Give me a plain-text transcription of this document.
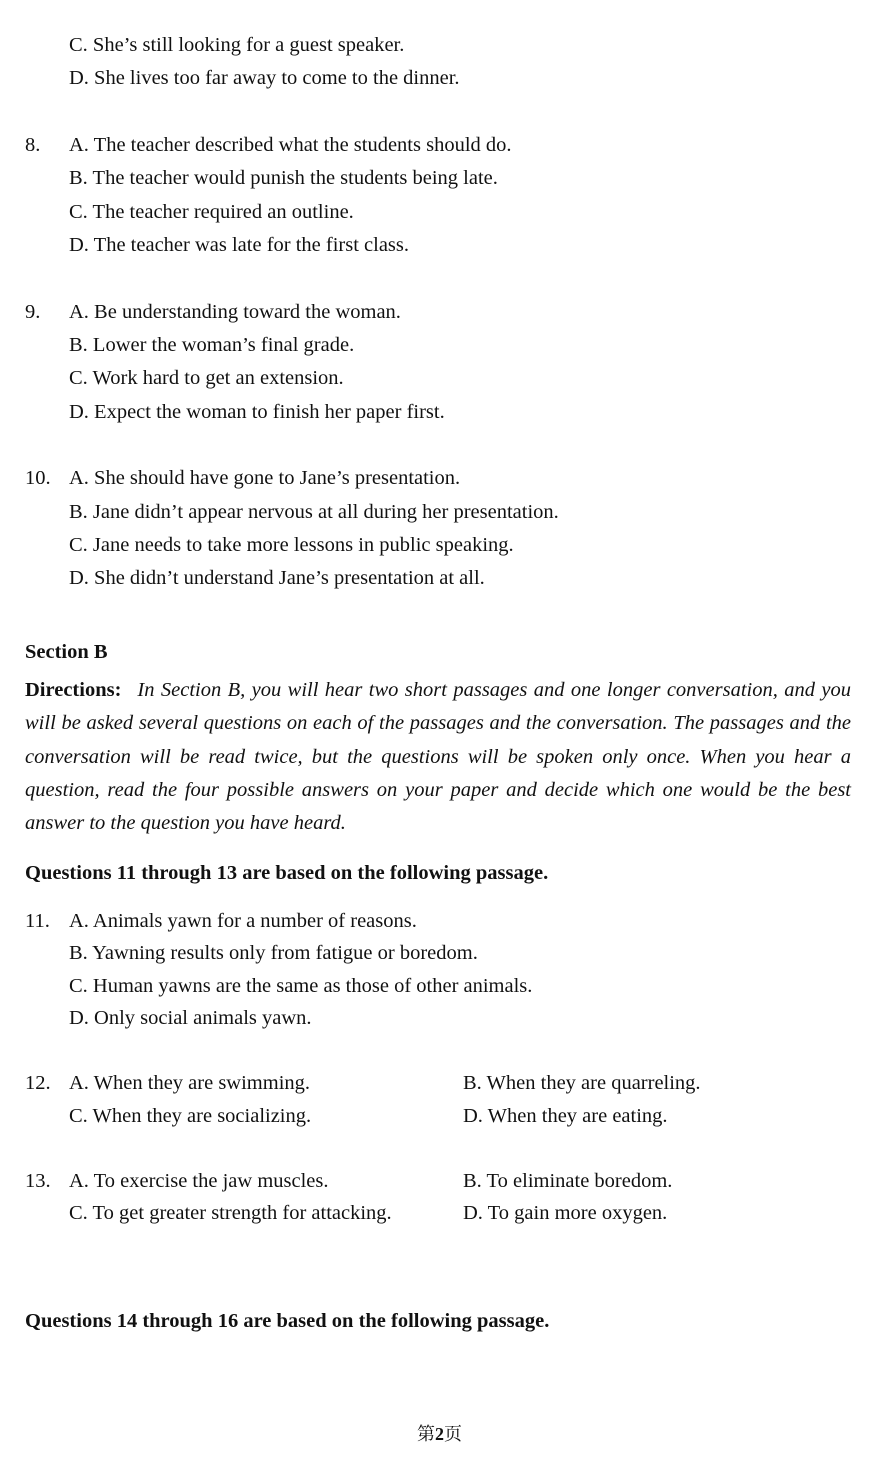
C. She’s still looking for a guest speaker.
D. She lives too far away to come to the dinner.
8. A. The teacher described what the students should do.
B. The teacher would punish the students being late.
C. The teacher required an outline.
D. The teacher was late for the first class.
9. A. Be understanding toward the woman.
B. Lower the woman’s final grade.
C. Work hard to get an extension.
D. Expect the woman to finish her paper first.
10. A. She should have gone to Jane’s presentation.
B. Jane didn’t appear nervous at all during her presentation.
C. Jane needs to take more lessons in public speaking.
D. She didn’t understand Jane’s presentation at all.
Section B
Directions: In Section B, you will hear two short passages and one longer conversation, and you will be asked several questions on each of the passages and the conversation. The passages and the conversation will be read twice, but the questions will be spoken only once. When you hear a question, read the four possible answers on your paper and decide which one would be the best answer to the question you have heard.
Questions 11 through 13 are based on the following passage.
11. A. Animals yawn for a number of reasons.
B. Yawning results only from fatigue or boredom.
C. Human yawns are the same as those of other animals.
D. Only social animals yawn.
12. A. When they are swimming.	B. When they are quarreling.
C. When they are socializing.	D. When they are eating.
13. A. To exercise the jaw muscles.	B. To eliminate boredom.
C. To get greater strength for attacking.	D. To gain more oxygen.
Questions 14 through 16 are based on the following passage.
第2页
